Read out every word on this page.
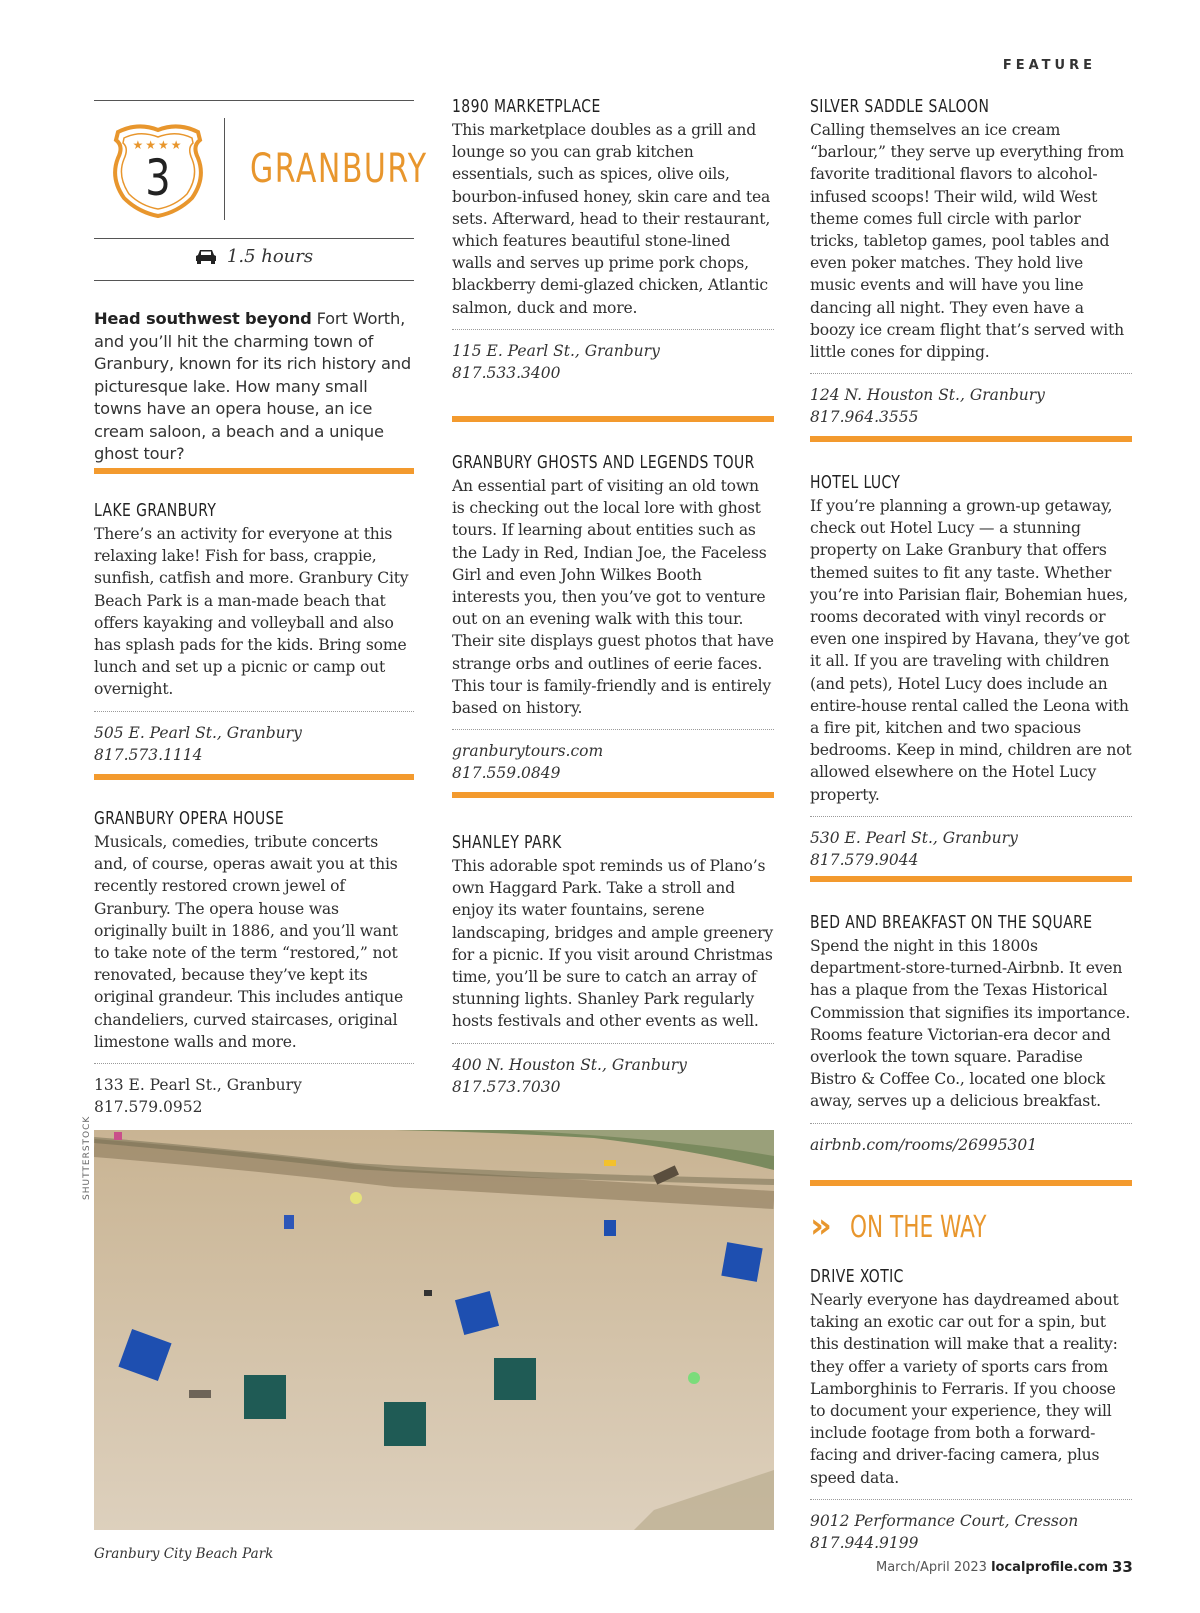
FEATURE
★★★★
3	GRANBURY
1.5 hours
Head southwest beyond Fort Worth, and you’ll hit the charming town of Granbury, known for its rich history and picturesque lake. How many small towns have an opera house, an ice cream saloon, a beach and a unique ghost tour?
LAKE GRANBURY
There’s an activity for everyone at this relaxing lake! Fish for bass, crappie, sunfish, catfish and more. Granbury City Beach Park is a man-made beach that offers kayaking and volleyball and also has splash pads for the kids. Bring some lunch and set up a picnic or camp out overnight.
505 E. Pearl St., Granbury
817.573.1114
GRANBURY OPERA HOUSE
Musicals, comedies, tribute concerts and, of course, operas await you at this recently restored crown jewel of Granbury. The opera house was originally built in 1886, and you’ll want to take note of the term “restored,” not renovated, because they’ve kept its original grandeur. This includes antique chandeliers, curved staircases, original limestone walls and more.
133 E. Pearl St., Granbury
817.579.0952
1890 MARKETPLACE
This marketplace doubles as a grill and lounge so you can grab kitchen essentials, such as spices, olive oils, bourbon-infused honey, skin care and tea sets. Afterward, head to their restaurant, which features beautiful stone-lined walls and serves up prime pork chops, blackberry demi-glazed chicken, Atlantic salmon, duck and more.
115 E. Pearl St., Granbury
817.533.3400
GRANBURY GHOSTS AND LEGENDS TOUR
An essential part of visiting an old town is checking out the local lore with ghost tours. If learning about entities such as the Lady in Red, Indian Joe, the Faceless Girl and even John Wilkes Booth interests you, then you’ve got to venture out on an evening walk with this tour. Their site displays guest photos that have strange orbs and outlines of eerie faces. This tour is family-friendly and is entirely based on history.
granburytours.com
817.559.0849
SHANLEY PARK
This adorable spot reminds us of Plano’s own Haggard Park. Take a stroll and enjoy its water fountains, serene landscaping, bridges and ample greenery for a picnic. If you visit around Christmas time, you’ll be sure to catch an array of stunning lights. Shanley Park regularly hosts festivals and other events as well.
400 N. Houston St., Granbury
817.573.7030
SILVER SADDLE SALOON
Calling themselves an ice cream “barlour,” they serve up everything from favorite traditional flavors to alcohol-infused scoops! Their wild, wild West theme comes full circle with parlor tricks, tabletop games, pool tables and even poker matches. They hold live music events and will have you line dancing all night. They even have a boozy ice cream flight that’s served with little cones for dipping.
124 N. Houston St., Granbury
817.964.3555
HOTEL LUCY
If you’re planning a grown-up getaway, check out Hotel Lucy — a stunning property on Lake Granbury that offers themed suites to fit any taste. Whether you’re into Parisian flair, Bohemian hues, rooms decorated with vinyl records or even one inspired by Havana, they’ve got it all. If you are traveling with children (and pets), Hotel Lucy does include an entire-house rental called the Leona with a fire pit, kitchen and two spacious bedrooms. Keep in mind, children are not allowed elsewhere on the Hotel Lucy property.
530 E. Pearl St., Granbury
817.579.9044
BED AND BREAKFAST ON THE SQUARE
Spend the night in this 1800s department-store-turned-Airbnb. It even has a plaque from the Texas Historical Commission that signifies its importance. Rooms feature Victorian-era decor and overlook the town square. Paradise Bistro & Coffee Co., located one block away, serves up a delicious breakfast.
airbnb.com/rooms/26995301
» ON THE WAY
DRIVE XOTIC
Nearly everyone has daydreamed about taking an exotic car out for a spin, but this destination will make that a reality: they offer a variety of sports cars from Lamborghinis to Ferraris. If you choose to document your experience, they will include footage from both a forward-facing and driver-facing camera, plus speed data.
9012 Performance Court, Cresson
817.944.9199
SHUTTERSTOCK
Granbury City Beach Park
March/April 2023 localprofile.com 33
